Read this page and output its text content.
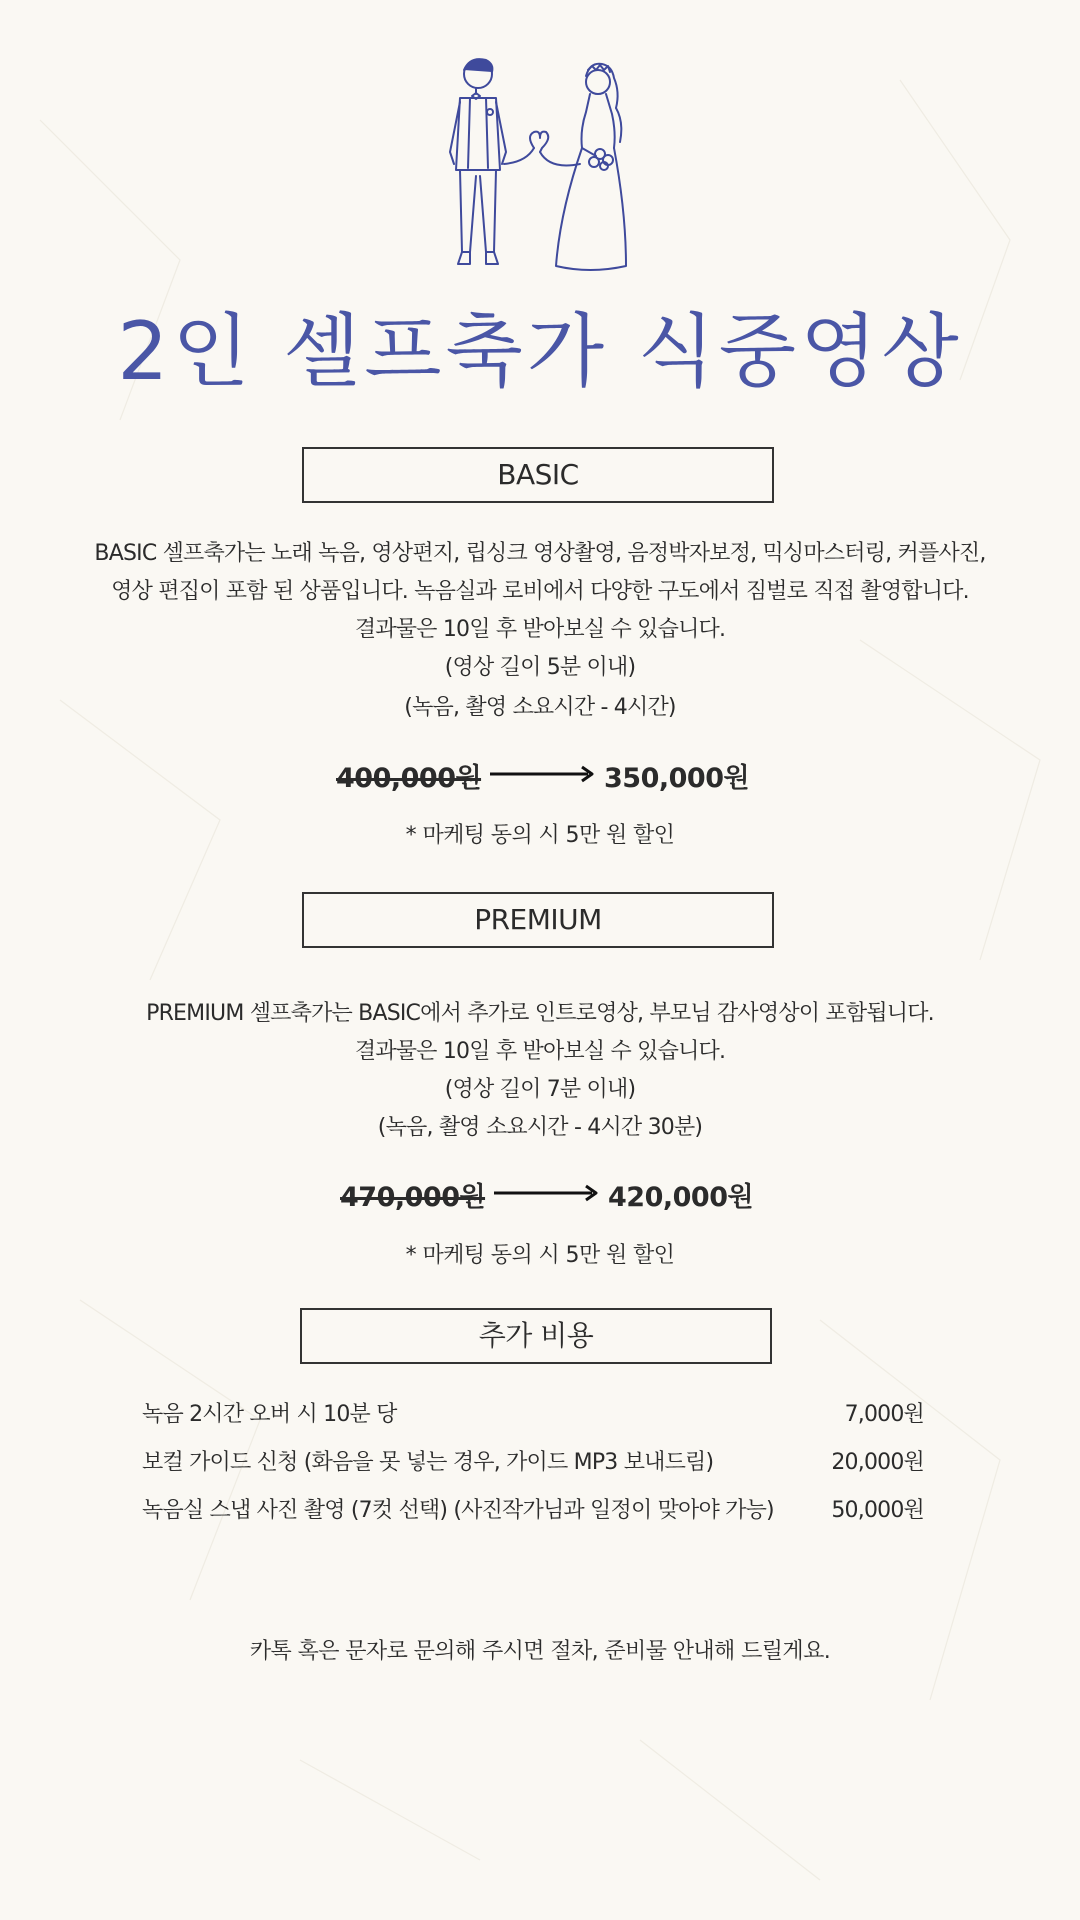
2인 셀프축가 식중영상
BASIC
BASIC 셀프축가는 노래 녹음, 영상편지, 립싱크 영상촬영, 음정박자보정, 믹싱마스터링, 커플사진,
영상 편집이 포함 된 상품입니다. 녹음실과 로비에서 다양한 구도에서 짐벌로 직접 촬영합니다.
결과물은 10일 후 받아보실 수 있습니다.
(영상 길이 5분 이내)
(녹음, 촬영 소요시간 - 4시간)
400,000원	350,000원
* 마케팅 동의 시 5만 원 할인
PREMIUM
PREMIUM 셀프축가는 BASIC에서 추가로 인트로영상, 부모님 감사영상이 포함됩니다.
결과물은 10일 후 받아보실 수 있습니다.
(영상 길이 7분 이내)
(녹음, 촬영 소요시간 - 4시간 30분)
470,000원	420,000원
* 마케팅 동의 시 5만 원 할인
추가 비용
녹음 2시간 오버 시 10분 당	7,000원
보컬 가이드 신청 (화음을 못 넣는 경우, 가이드 MP3 보내드림)	20,000원
녹음실 스냅 사진 촬영 (7컷 선택) (사진작가님과 일정이 맞아야 가능)	50,000원
카톡 혹은 문자로 문의해 주시면 절차, 준비물 안내해 드릴게요.
